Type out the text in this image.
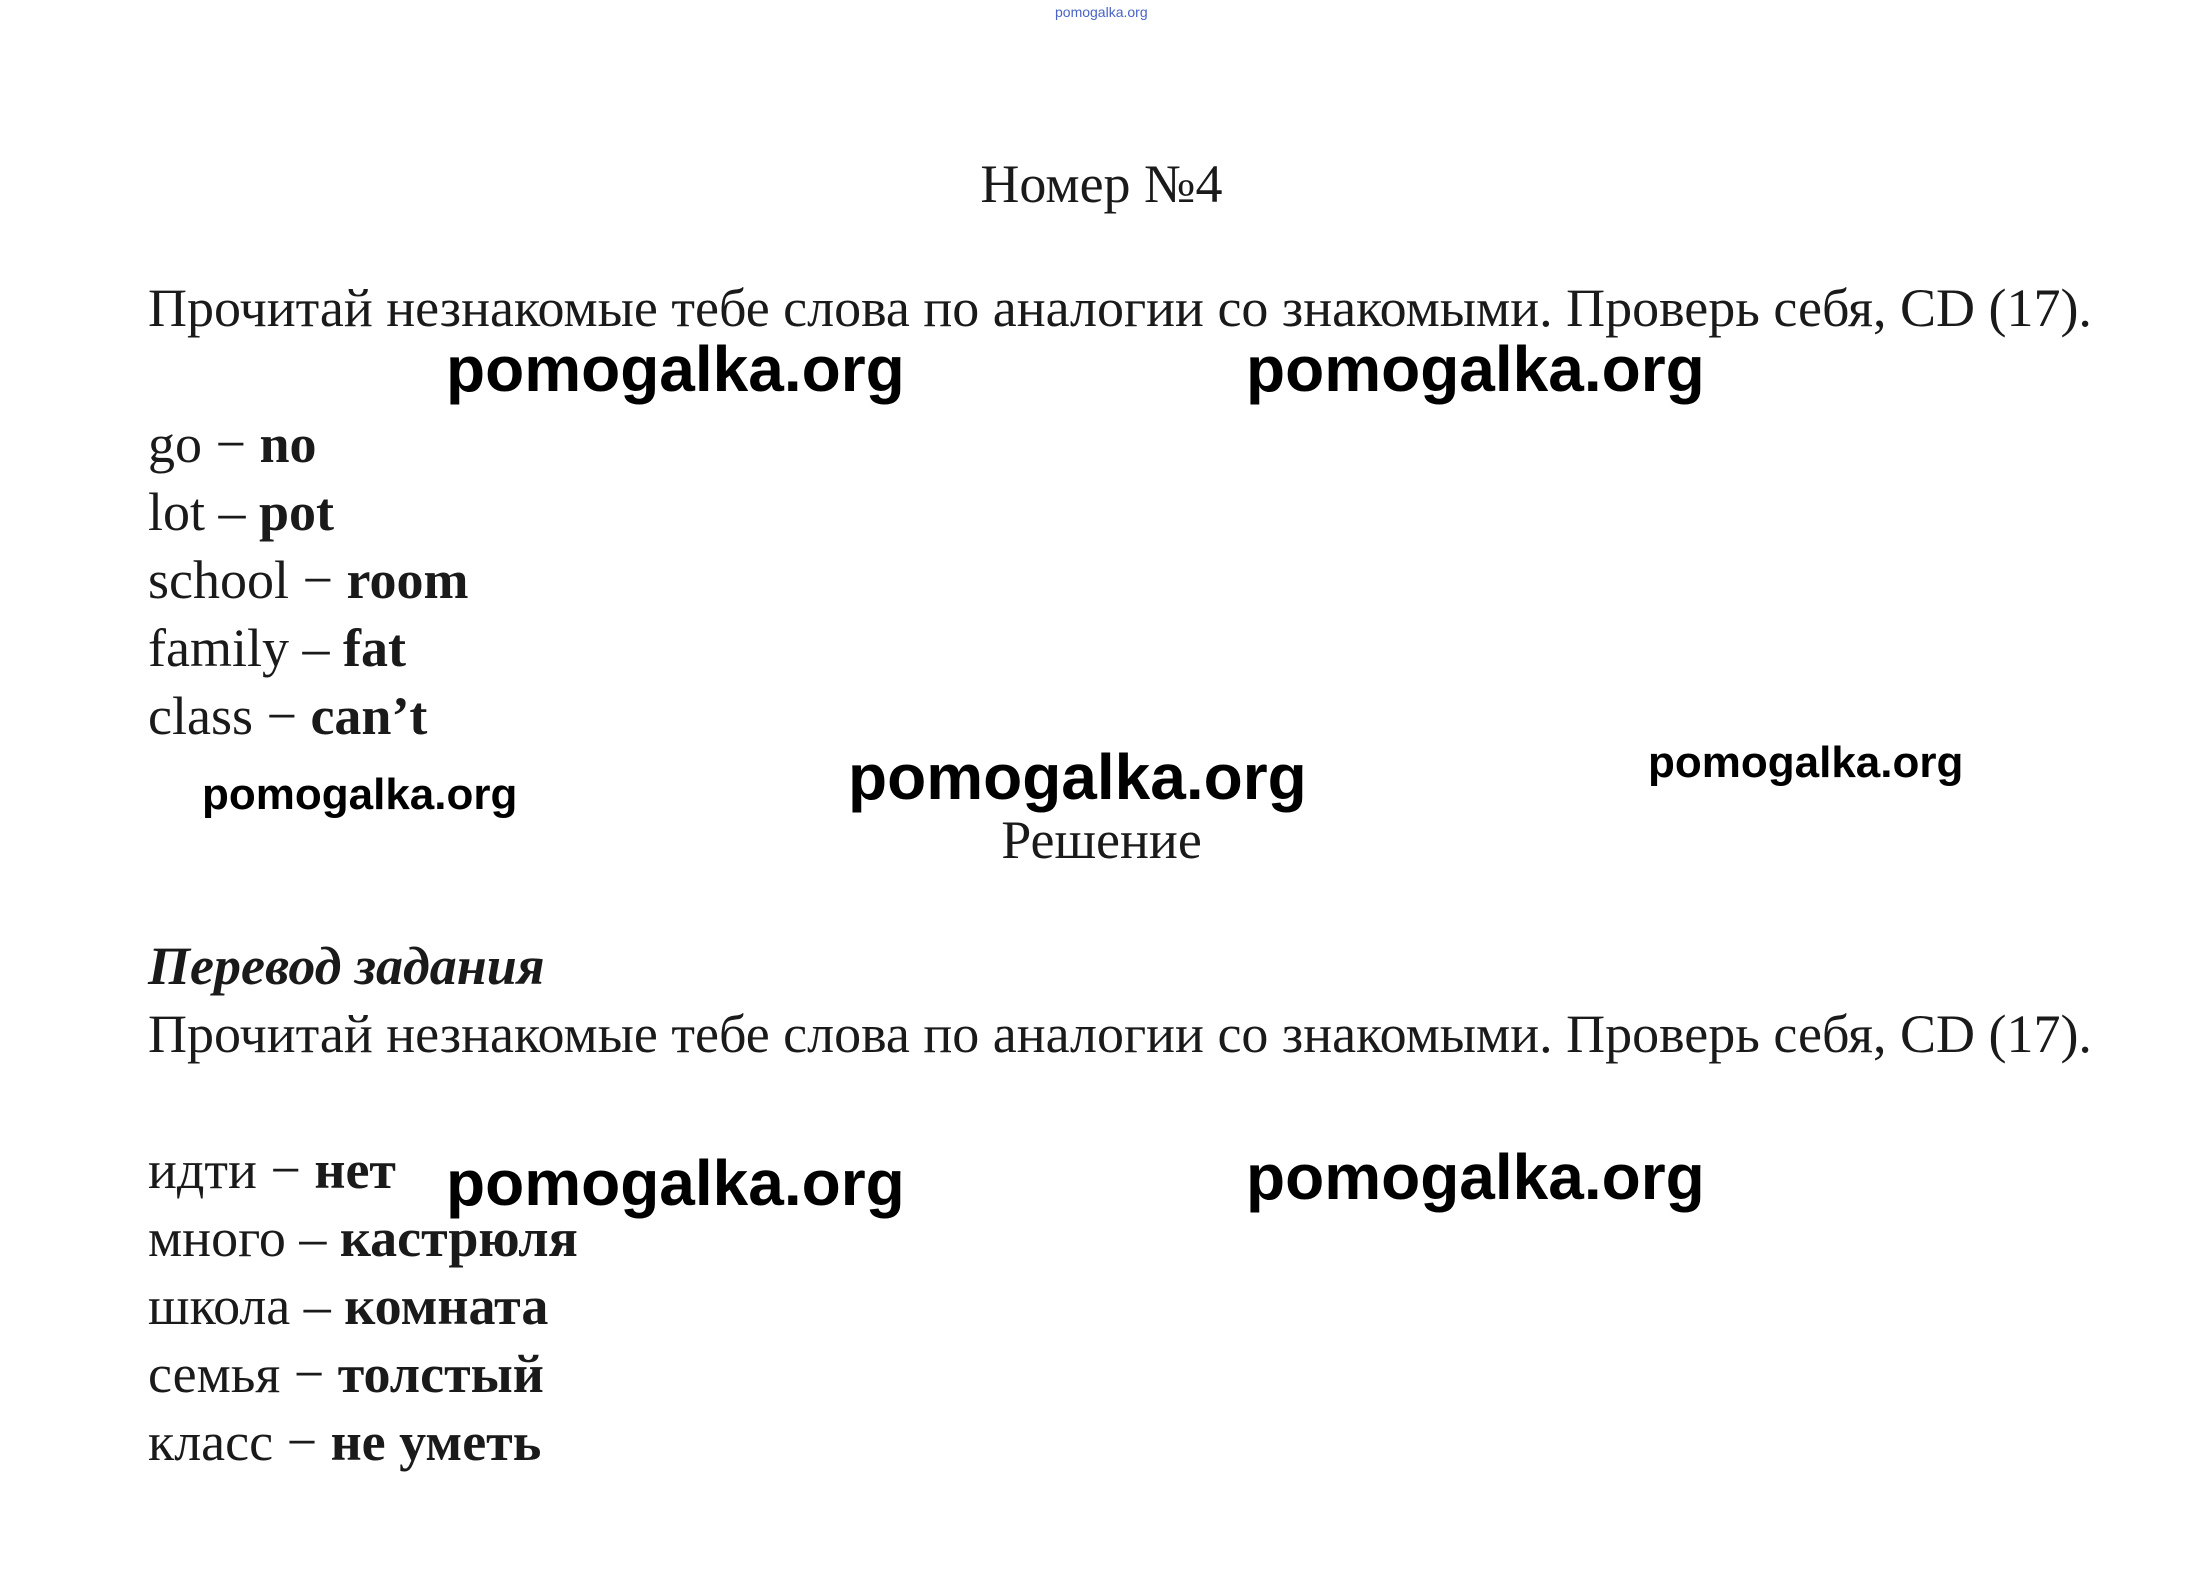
pomogalka.org
Номер №4
Прочитай незнакомые тебе слова по аналогии со знакомыми. Проверь себя, CD (17).
go − no
lot – pot
school − room
family – fat
class − can’t
Решение
Перевод задания
Прочитай незнакомые тебе слова по аналогии со знакомыми. Проверь себя, CD (17).
идти − нет
много – кастрюля
школа – комната
семья − толстый
класс − не уметь
pomogalka.org	pomogalka.org
pomogalka.org
pomogalka.org
pomogalka.org
pomogalka.org	pomogalka.org
